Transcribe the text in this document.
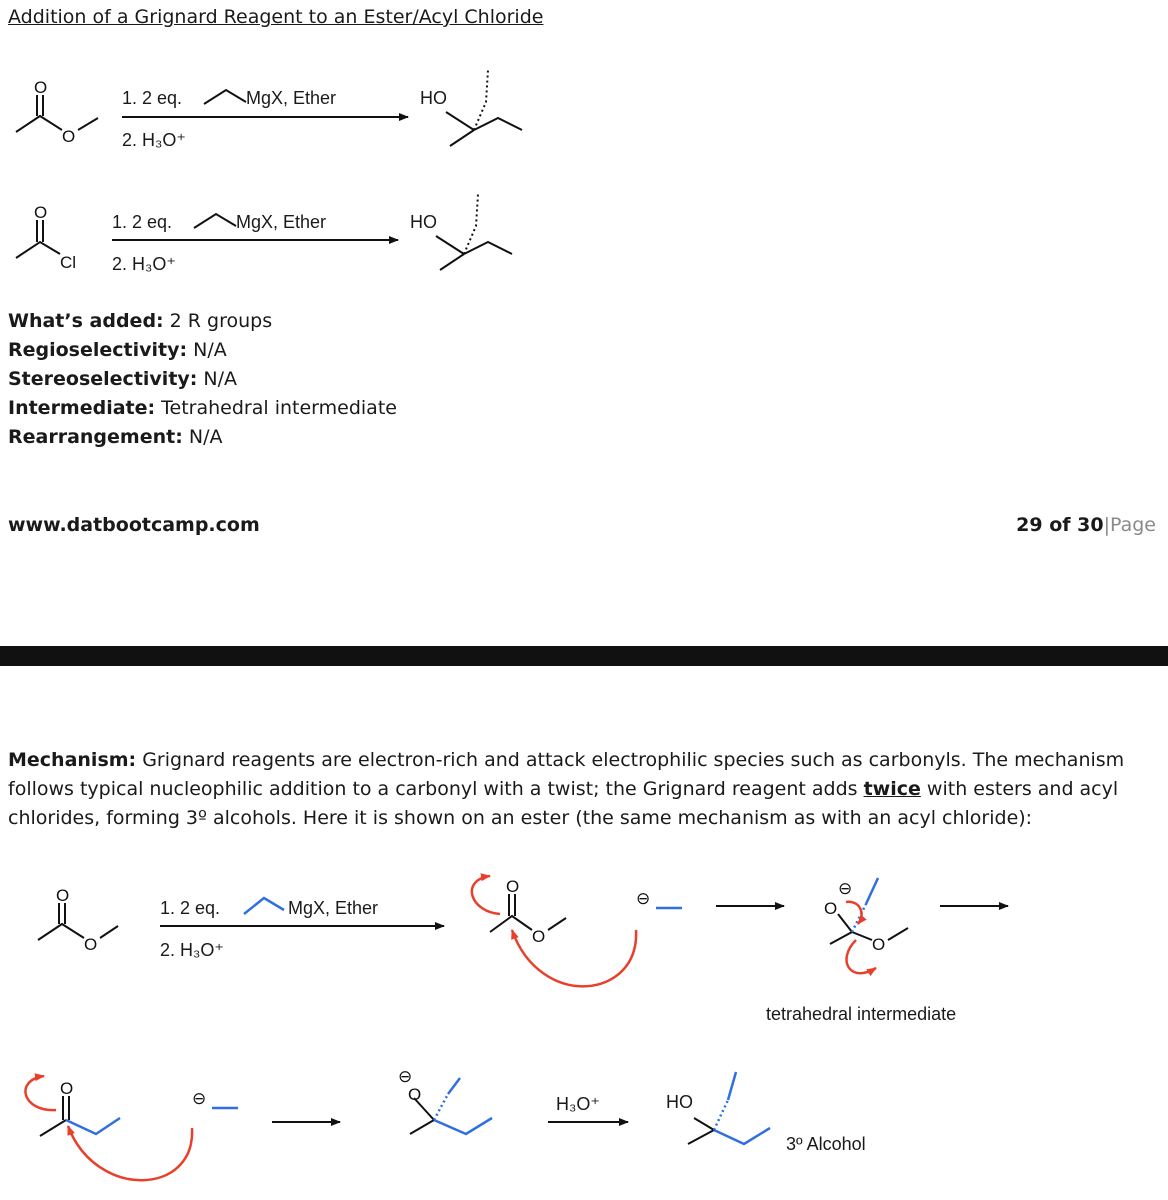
Addition of a Grignard Reagent to an Ester/Acyl Chloride
1. 2 eq.	MgX, Ether
2. H₃O⁺
HO
1. 2 eq.	MgX, Ether
2. H₃O⁺
HO
What’s added: 2 R groups
Regioselectivity: N/A
Stereoselectivity: N/A
Intermediate: Tetrahedral intermediate
Rearrangement: N/A
www.datbootcamp.com	29 of 30|Page
Mechanism: Grignard reagents are electron-rich and attack electrophilic species such as carbonyls. The mechanism follows typical nucleophilic addition to a carbonyl with a twist; the Grignard reagent adds twice with esters and acyl chlorides, forming 3º alcohols. Here it is shown on an ester (the same mechanism as with an acyl chloride):
1. 2 eq.	MgX, Ether
2. H₃O⁺
tetrahedral intermediate
H₃O⁺	HO
3º Alcohol
O
O
O
Cl
O
O
O
O
⊖
O
O
⊖
O
⊖	O
⊖
